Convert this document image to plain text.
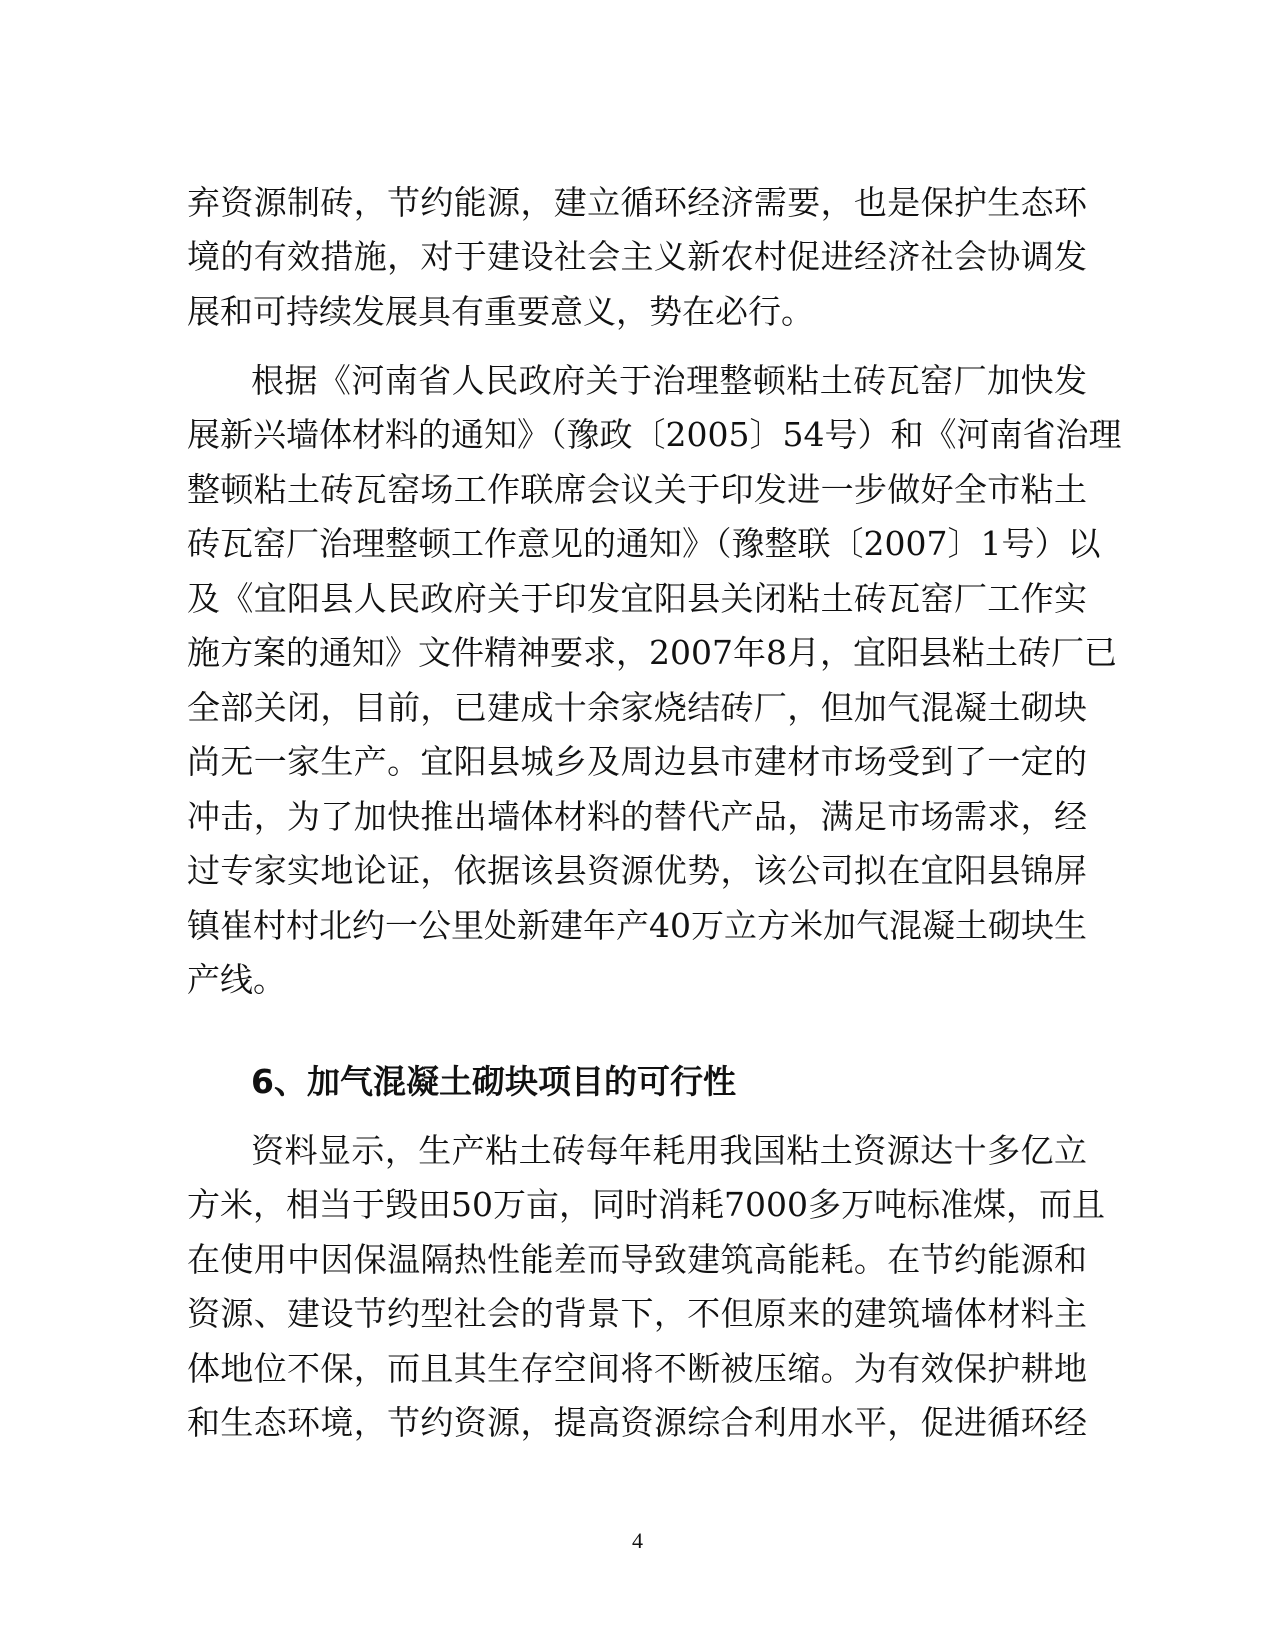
弃资源制砖，节约能源，建立循环经济需要，也是保护生态环
境的有效措施，对于建设社会主义新农村促进经济社会协调发
展和可持续发展具有重要意义，势在必行。
根据《河南省人民政府关于治理整顿粘土砖瓦窑厂加快发
展新兴墙体材料的通知》（豫政〔2005〕54号）和《河南省治理
整顿粘土砖瓦窑场工作联席会议关于印发进一步做好全市粘土
砖瓦窑厂治理整顿工作意见的通知》（豫整联〔2007〕1号）以
及《宜阳县人民政府关于印发宜阳县关闭粘土砖瓦窑厂工作实
施方案的通知》文件精神要求，2007年8月，宜阳县粘土砖厂已
全部关闭，目前，已建成十余家烧结砖厂，但加气混凝土砌块
尚无一家生产。宜阳县城乡及周边县市建材市场受到了一定的
冲击，为了加快推出墙体材料的替代产品，满足市场需求，经
过专家实地论证，依据该县资源优势，该公司拟在宜阳县锦屏
镇崔村村北约一公里处新建年产40万立方米加气混凝土砌块生
产线。
6、加气混凝土砌块项目的可行性
资料显示，生产粘土砖每年耗用我国粘土资源达十多亿立
方米，相当于毁田50万亩，同时消耗7000多万吨标准煤，而且
在使用中因保温隔热性能差而导致建筑高能耗。在节约能源和
资源、建设节约型社会的背景下，不但原来的建筑墙体材料主
体地位不保，而且其生存空间将不断被压缩。为有效保护耕地
和生态环境，节约资源，提高资源综合利用水平，促进循环经
4
